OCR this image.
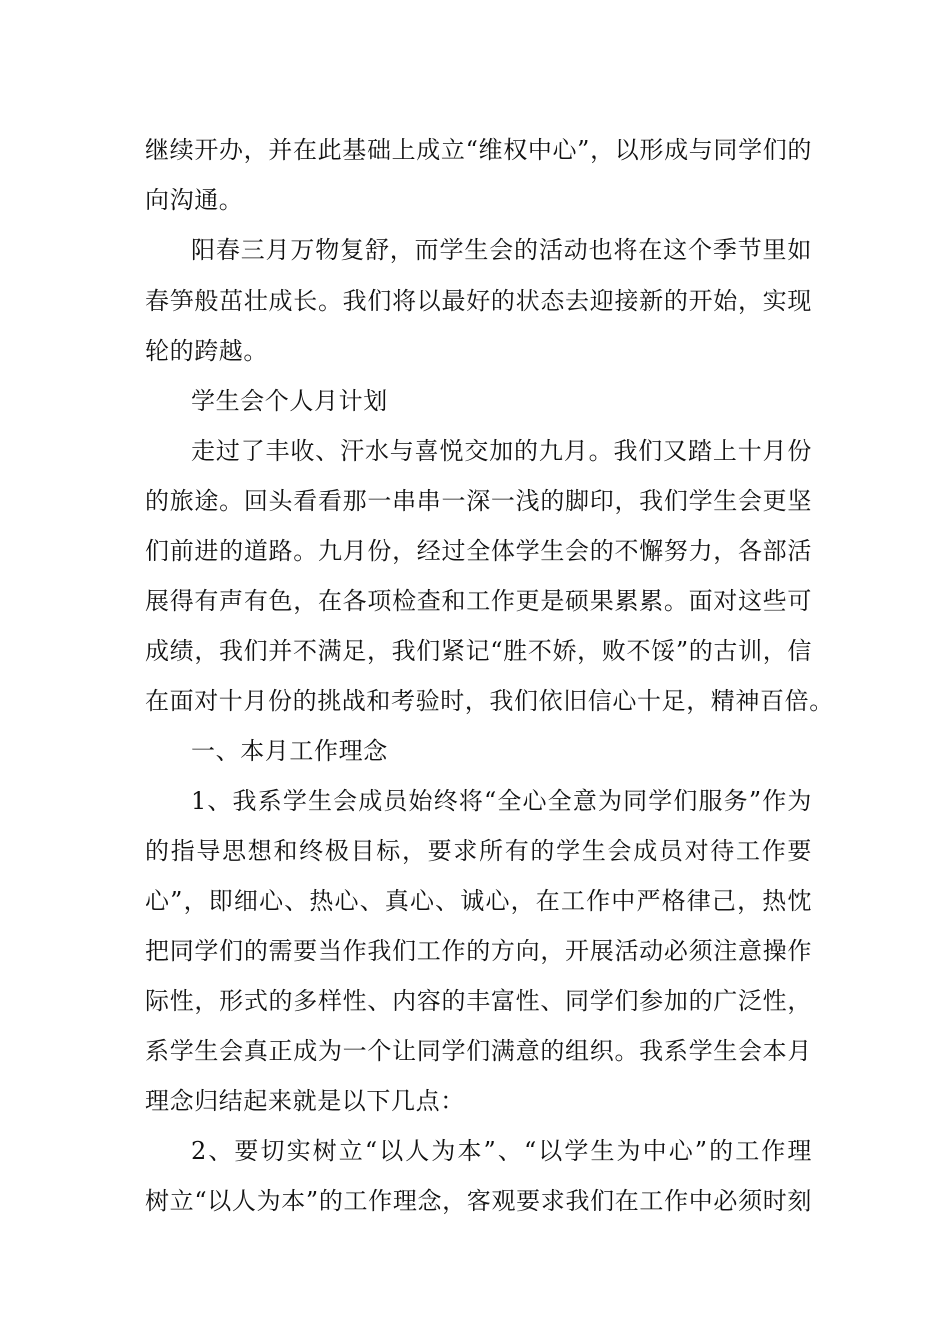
继续开办，并在此基础上成立“维权中心”，以形成与同学们的
向沟通。
阳春三月万物复舒，而学生会的活动也将在这个季节里如
春笋般茁壮成长。我们将以最好的状态去迎接新的开始，实现
轮的跨越。
学生会个人月计划
走过了丰收、汗水与喜悦交加的九月。我们又踏上十月份
的旅途。回头看看那一串串一深一浅的脚印，我们学生会更坚
们前进的道路。九月份，经过全体学生会的不懈努力，各部活
展得有声有色，在各项检查和工作更是硕果累累。面对这些可
成绩，我们并不满足，我们紧记“胜不娇，败不馁”的古训，信
在面对十月份的挑战和考验时，我们依旧信心十足，精神百倍。
一、本月工作理念
1、我系学生会成员始终将“全心全意为同学们服务”作为
的指导思想和终极目标，要求所有的学生会成员对待工作要
心”，即细心、热心、真心、诚心，在工作中严格律己，热忱
把同学们的需要当作我们工作的方向，开展活动必须注意操作
际性，形式的多样性、内容的丰富性、同学们参加的广泛性，
系学生会真正成为一个让同学们满意的组织。我系学生会本月
理念归结起来就是以下几点：
2、要切实树立“以人为本”、“以学生为中心”的工作理
树立“以人为本”的工作理念，客观要求我们在工作中必须时刻
